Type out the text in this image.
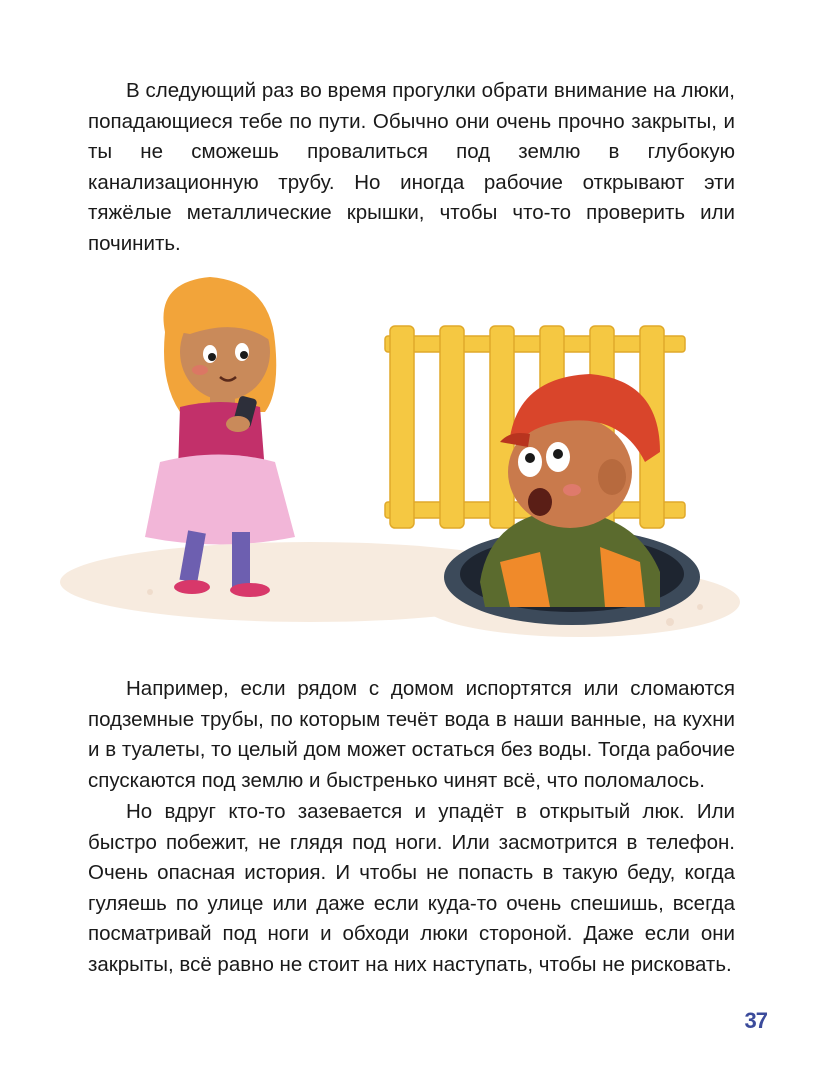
В следующий раз во время прогулки обрати внимание на люки, попадающиеся тебе по пути. Обычно они очень прочно закрыты, и ты не сможешь провалиться под землю в глубокую канализационную трубу. Но иногда рабочие открывают эти тяжёлые металлические крышки, чтобы что-то проверить или починить.

Например, если рядом с домом испортятся или сломаются подземные трубы, по которым течёт вода в наши ванные, на кухни и в туалеты, то целый дом может остаться без воды. Тогда рабочие спускаются под землю и быстренько чинят всё, что поломалось.

Но вдруг кто-то зазевается и упадёт в открытый люк. Или быстро побежит, не глядя под ноги. Или засмотрится в телефон. Очень опасная история. И чтобы не попасть в такую беду, когда гуляешь по улице или даже если куда-то очень спешишь, всегда посматривай под ноги и обходи люки стороной. Даже если они закрыты, всё равно не стоит на них наступать, чтобы не рисковать.

37
